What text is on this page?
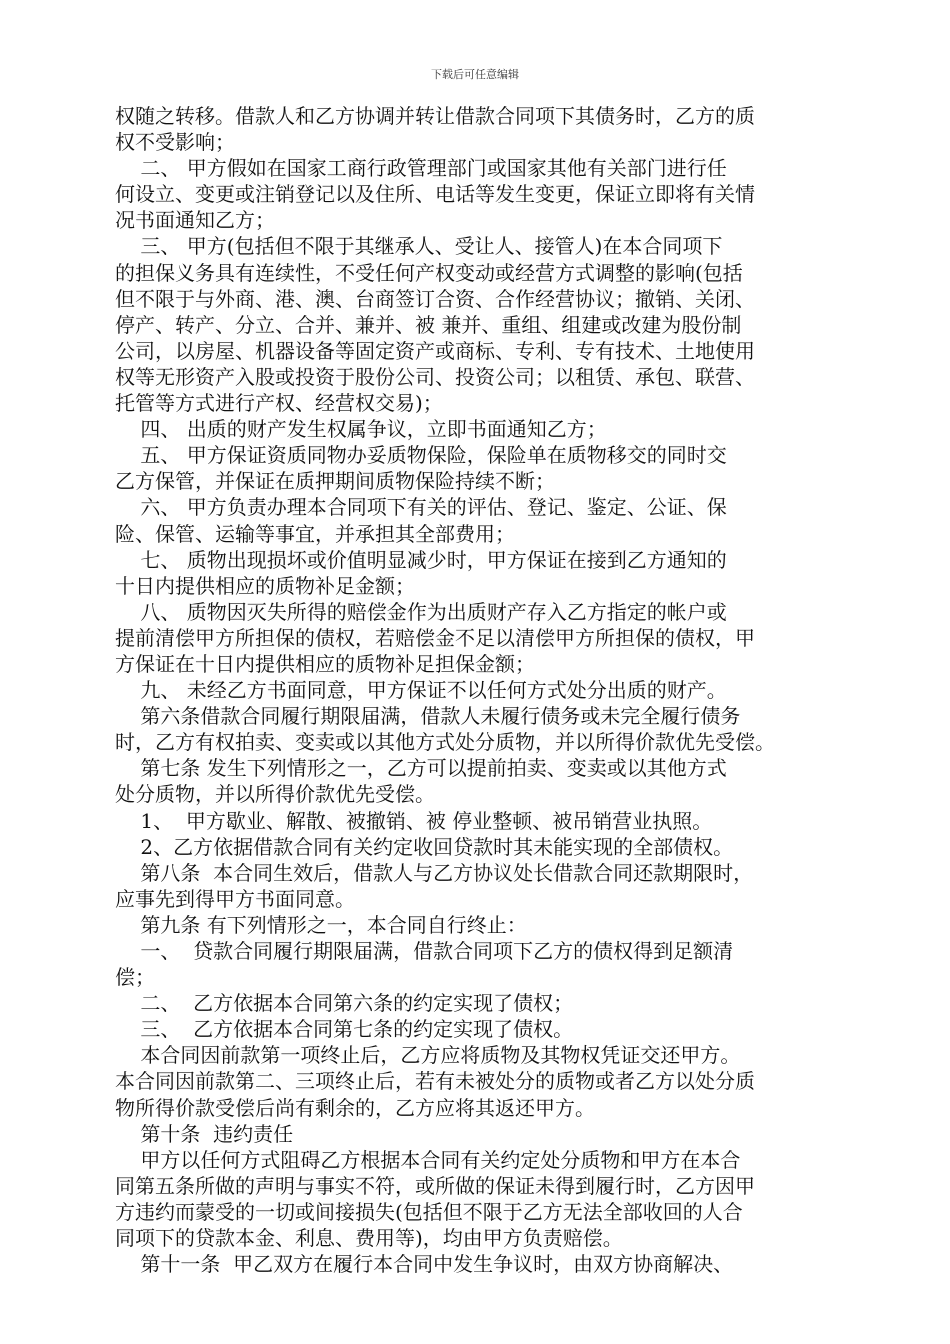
下载后可任意编辑
权随之转移。借款人和乙方协调并转让借款合同项下其债务时，乙方的质
权不受影响；
二、 甲方假如在国家工商行政管理部门或国家其他有关部门进行任
何设立、变更或注销登记以及住所、电话等发生变更，保证立即将有关情
况书面通知乙方；
三、 甲方(包括但不限于其继承人、受让人、接管人)在本合同项下
的担保义务具有连续性，不受任何产权变动或经营方式调整的影响(包括
但不限于与外商、港、澳、台商签订合资、合作经营协议；撤销、关闭、
停产、转产、分立、合并、兼并、被 兼并、重组、组建或改建为股份制
公司，以房屋、机器设备等固定资产或商标、专利、专有技术、土地使用
权等无形资产入股或投资于股份公司、投资公司；以租赁、承包、联营、
托管等方式进行产权、经营权交易)；
四、 出质的财产发生权属争议，立即书面通知乙方；
五、 甲方保证资质同物办妥质物保险，保险单在质物移交的同时交
乙方保管，并保证在质押期间质物保险持续不断；
六、 甲方负责办理本合同项下有关的评估、登记、鉴定、公证、保
险、保管、运输等事宜，并承担其全部费用；
七、 质物出现损坏或价值明显减少时，甲方保证在接到乙方通知的
十日内提供相应的质物补足金额；
八、 质物因灭失所得的赔偿金作为出质财产存入乙方指定的帐户或
提前清偿甲方所担保的债权，若赔偿金不足以清偿甲方所担保的债权，甲
方保证在十日内提供相应的质物补足担保金额；
九、 未经乙方书面同意，甲方保证不以任何方式处分出质的财产。
第六条借款合同履行期限届满，借款人未履行债务或未完全履行债务
时，乙方有权拍卖、变卖或以其他方式处分质物，并以所得价款优先受偿。
第七条 发生下列情形之一，乙方可以提前拍卖、变卖或以其他方式
处分质物，并以所得价款优先受偿。
1、  甲方歇业、解散、被撤销、被 停业整顿、被吊销营业执照。
2、乙方依据借款合同有关约定收回贷款时其未能实现的全部债权。
第八条  本合同生效后，借款人与乙方协议处长借款合同还款期限时，
应事先到得甲方书面同意。
第九条 有下列情形之一，本合同自行终止：
一、  贷款合同履行期限届满，借款合同项下乙方的债权得到足额清
偿；
二、  乙方依据本合同第六条的约定实现了债权；
三、  乙方依据本合同第七条的约定实现了债权。
本合同因前款第一项终止后，乙方应将质物及其物权凭证交还甲方。
本合同因前款第二、三项终止后，若有未被处分的质物或者乙方以处分质
物所得价款受偿后尚有剩余的，乙方应将其返还甲方。
第十条  违约责任
甲方以任何方式阻碍乙方根据本合同有关约定处分质物和甲方在本合
同第五条所做的声明与事实不符，或所做的保证未得到履行时，乙方因甲
方违约而蒙受的一切或间接损失(包括但不限于乙方无法全部收回的人合
同项下的贷款本金、利息、费用等)，均由甲方负责赔偿。
第十一条  甲乙双方在履行本合同中发生争议时，由双方协商解决、
